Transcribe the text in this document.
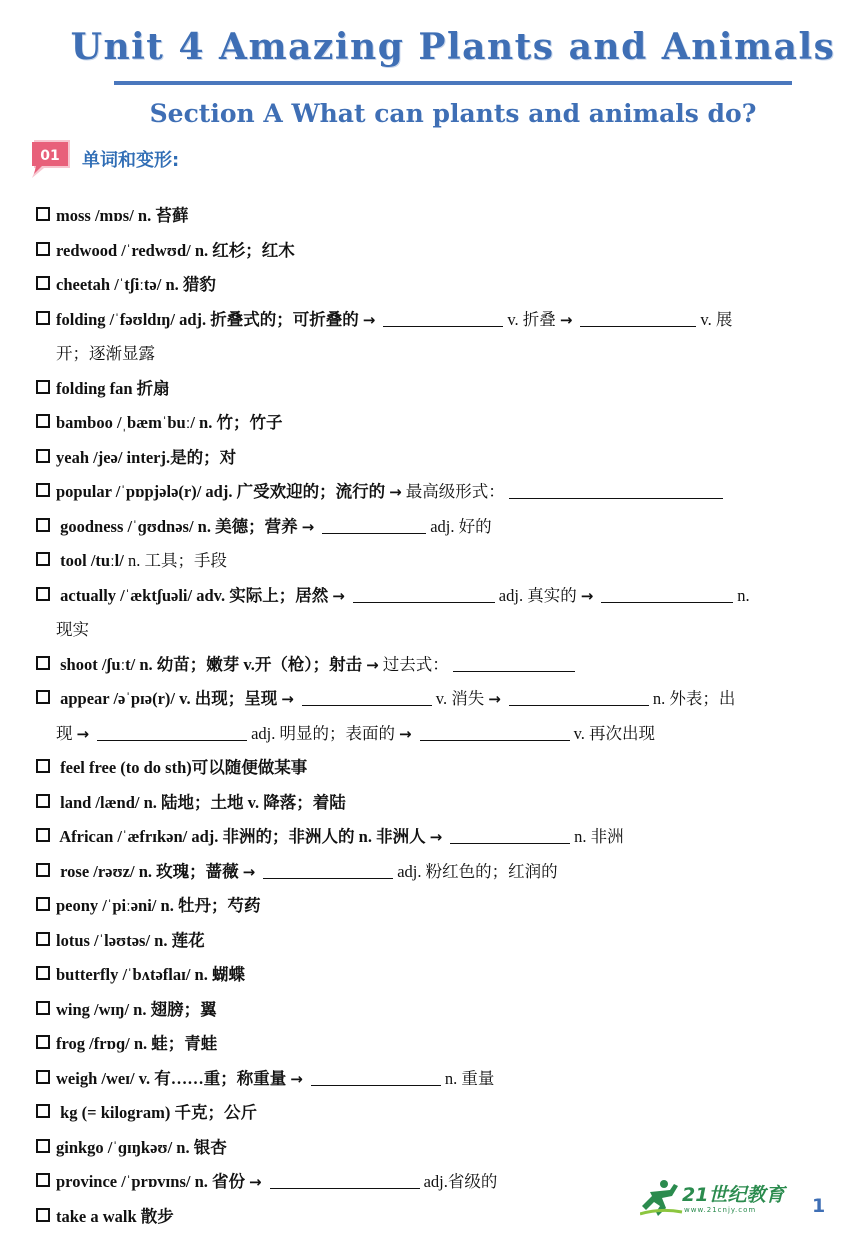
Unit 4 Amazing Plants and Animals
Section A What can plants and animals do?
01 单词和变形:
moss /mɒs/ n. 苔藓
redwood /ˈredwʊd/ n. 红杉；红木
cheetah /ˈtʃiːtə/ n. 猎豹
folding /ˈfəʊldɪŋ/ adj. 折叠式的；可折叠的 →	v. 折叠 →	v. 展
开；逐渐显露
folding fan 折扇
bamboo /ˌbæmˈbuː/ n. 竹；竹子
yeah /jeə/ interj.是的；对
popular /ˈpɒpjələ(r)/ adj. 广受欢迎的；流行的 → 最高级形式：
goodness /ˈɡʊdnəs/ n. 美德；营养 →	adj. 好的
tool /tuːl/ n. 工具；手段
actually /ˈæktʃuəli/ adv. 实际上；居然 →	adj. 真实的 →	n.
现实
shoot /ʃuːt/ n. 幼苗；嫩芽 v.开（枪）；射击 → 过去式：
appear /əˈpɪə(r)/ v. 出现；呈现 →	v. 消失 →	n. 外表；出
现 →	adj. 明显的；表面的 →	v. 再次出现
feel free (to do sth)可以随便做某事
land /lænd/ n. 陆地；土地 v. 降落；着陆
African /ˈæfrɪkən/ adj. 非洲的；非洲人的 n. 非洲人 →	n. 非洲
rose /rəʊz/ n. 玫瑰；蔷薇 →	adj. 粉红色的；红润的
peony /ˈpiːəni/ n. 牡丹；芍药
lotus /ˈləʊtəs/ n. 莲花
butterfly /ˈbʌtəflaɪ/ n. 蝴蝶
wing /wɪŋ/ n. 翅膀；翼
frog /frɒɡ/ n. 蛙；青蛙
weigh /weɪ/ v. 有……重；称重量 →	n. 重量
kg (= kilogram) 千克；公斤
ginkgo /ˈɡɪŋkəʊ/ n. 银杏
province /ˈprɒvɪns/ n. 省份 →	adj.省级的
take a walk 散步
21世纪教育
www.21cnjy.com	1
